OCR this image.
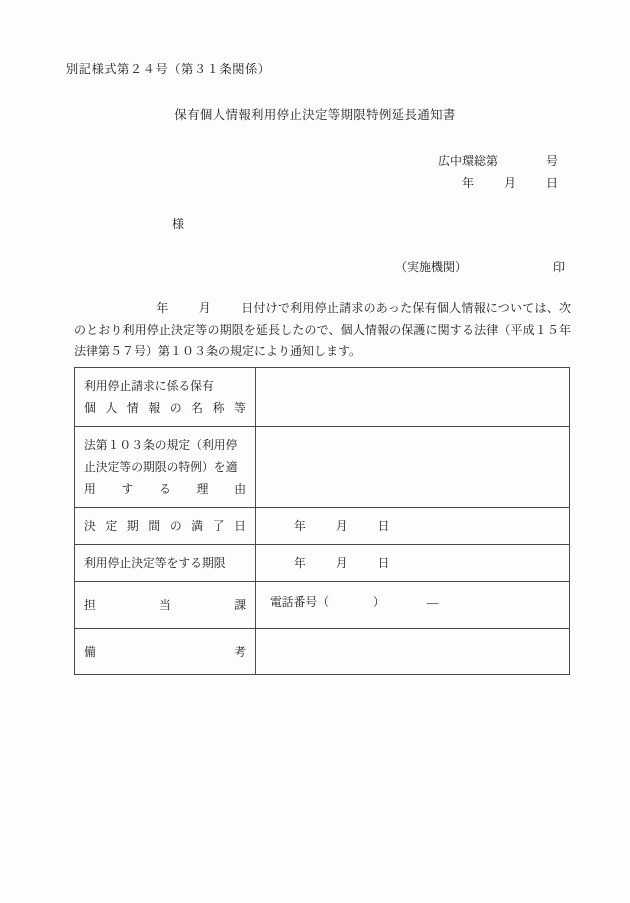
別記様式第２４号（第３１条関係）
保有個人情報利用停止決定等期限特例延長通知書
広中環総第	号
年	月	日
様
（実施機関）	印
年	月	日付けで利用停止請求のあった保有個人情報については、次のとおり利用停止決定等の期限を延長したので、個人情報の保護に関する法律（平成１５年法律第５７号）第１０３条の規定により通知します。
利用停止請求に係る保有
個 人 情 報 の 名 称 等

法第１０３条の規定（利用停
止決定等の期限の特例）を適
用 す る 理 由

決 定 期 間 の 満 了 日	年	月	日

利用停止決定等をする期限	年 月 日

担 当 課	電話番号（ ） —

備 考	
